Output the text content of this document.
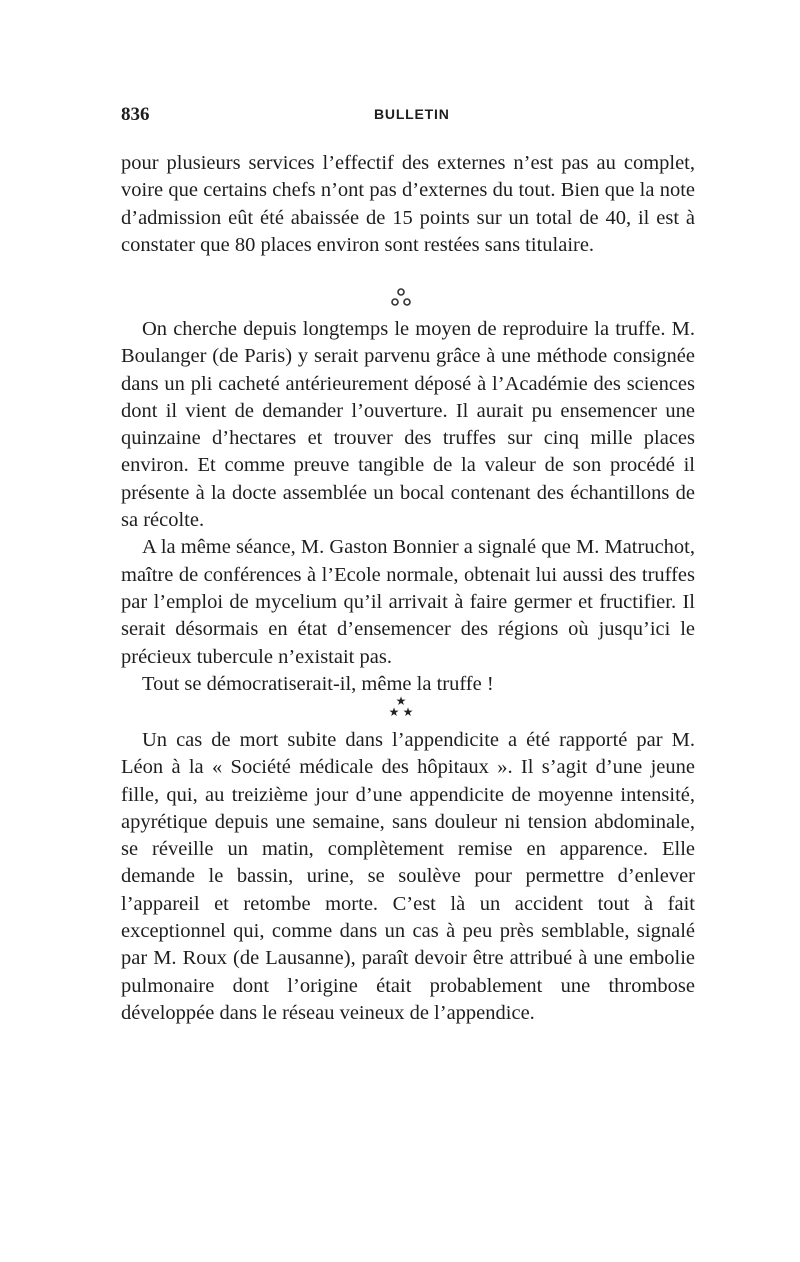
836	BULLETIN

pour plusieurs services l’effectif des externes n’est pas au complet, voire que certains chefs n’ont pas d’externes du tout. Bien que la note d’admission eût été abaissée de 15 points sur un total de 40, il est à constater que 80 places environ sont restées sans titulaire.

On cherche depuis longtemps le moyen de reproduire la truffe. M. Boulanger (de Paris) y serait parvenu grâce à une méthode consignée dans un pli cacheté antérieurement déposé à l’Académie des sciences dont il vient de demander l’ouverture. Il aurait pu ensemencer une quinzaine d’hectares et trouver des truffes sur cinq mille places environ. Et comme preuve tangible de la valeur de son procédé il présente à la docte assemblée un bocal contenant des échantillons de sa récolte.

A la même séance, M. Gaston Bonnier a signalé que M. Matruchot, maître de conférences à l’Ecole normale, obtenait lui aussi des truffes par l’emploi de mycelium qu’il arrivait à faire germer et fructifier. Il serait désormais en état d’ensemencer des régions où jusqu’ici le précieux tubercule n’existait pas.

Tout se démocratiserait-il, même la truffe !

★
★ ★

Un cas de mort subite dans l’appendicite a été rapporté par M. Léon à la « Société médicale des hôpitaux ». Il s’agit d’une jeune fille, qui, au treizième jour d’une appendicite de moyenne intensité, apyrétique depuis une semaine, sans douleur ni tension abdominale, se réveille un matin, complètement remise en apparence. Elle demande le bassin, urine, se soulève pour permettre d’enlever l’appareil et retombe morte. C’est là un accident tout à fait exceptionnel qui, comme dans un cas à peu près semblable, signalé par M. Roux (de Lausanne), paraît devoir être attribué à une embolie pulmonaire dont l’origine était probablement une thrombose développée dans le réseau veineux de l’appendice.
